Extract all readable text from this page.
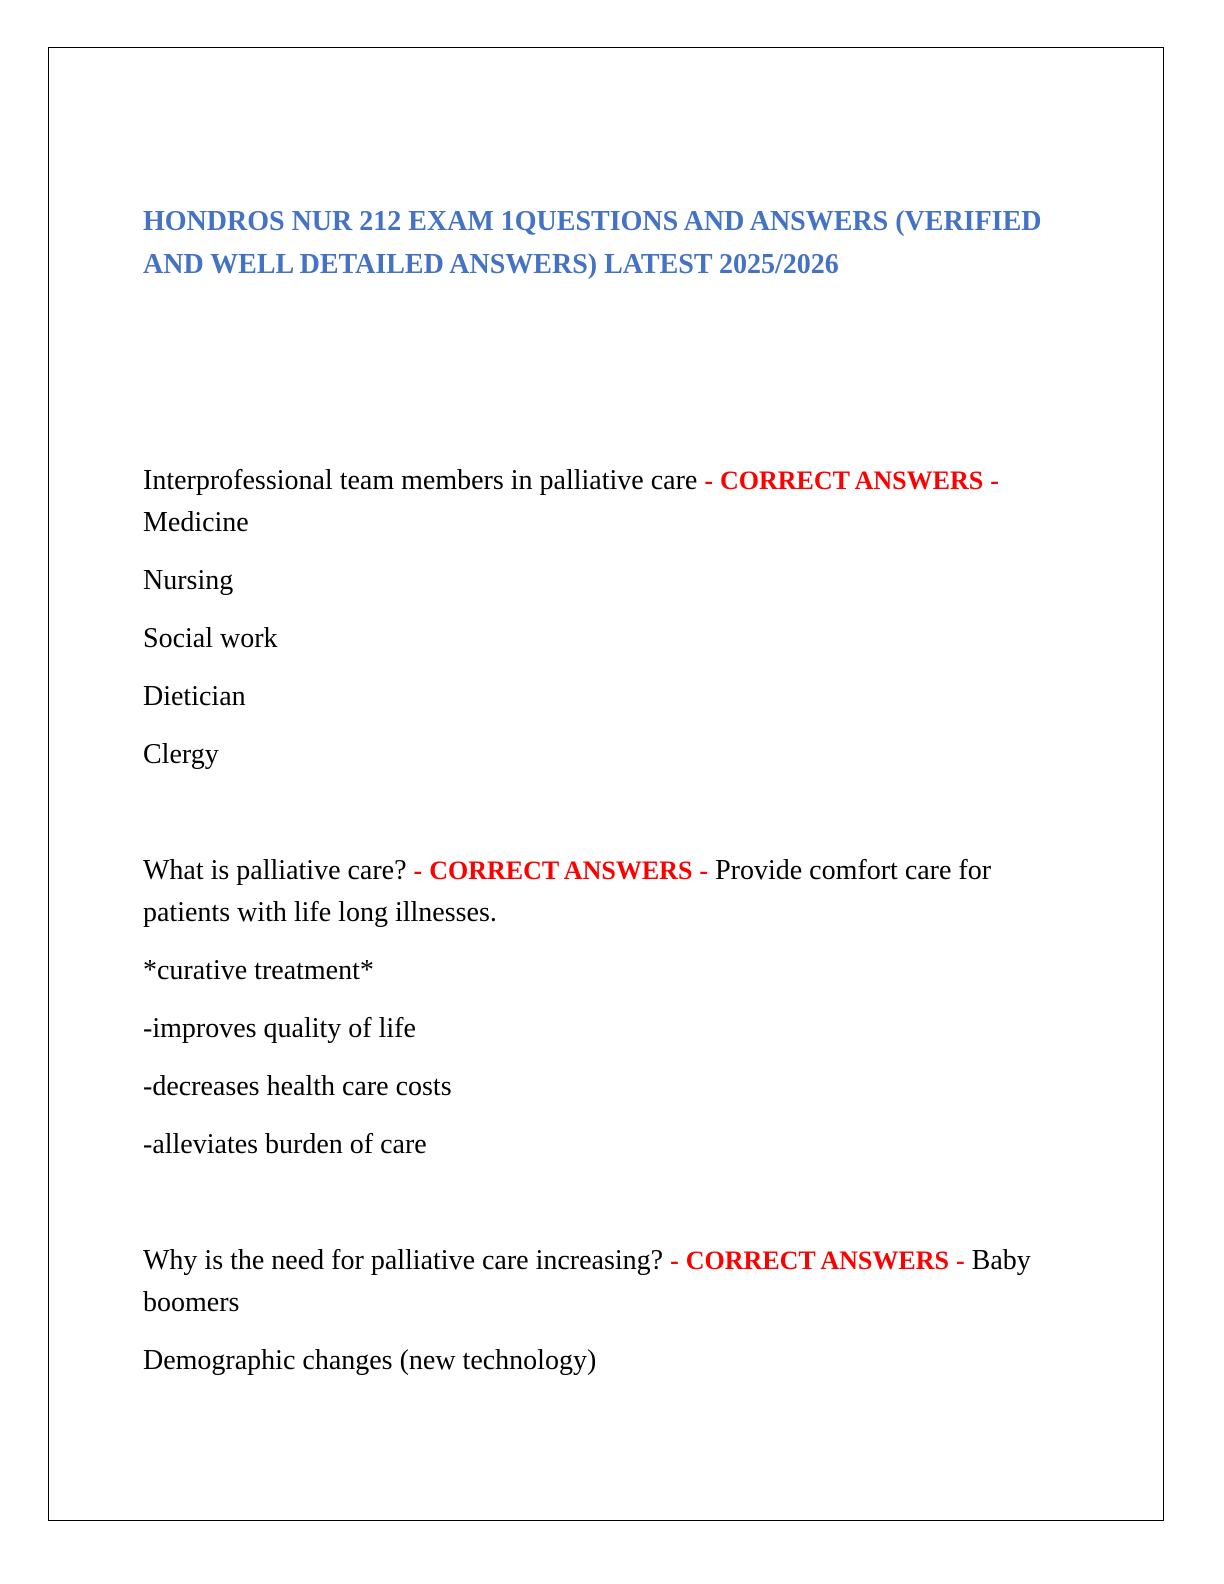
HONDROS NUR 212 EXAM 1QUESTIONS AND ANSWERS (VERIFIED AND WELL DETAILED ANSWERS) LATEST 2025/2026

Interprofessional team members in palliative care - CORRECT ANSWERS - Medicine

Nursing

Social work

Dietician

Clergy

What is palliative care? - CORRECT ANSWERS - Provide comfort care for patients with life long illnesses.

*curative treatment*

-improves quality of life

-decreases health care costs

-alleviates burden of care

Why is the need for palliative care increasing? - CORRECT ANSWERS - Baby boomers

Demographic changes (new technology)
